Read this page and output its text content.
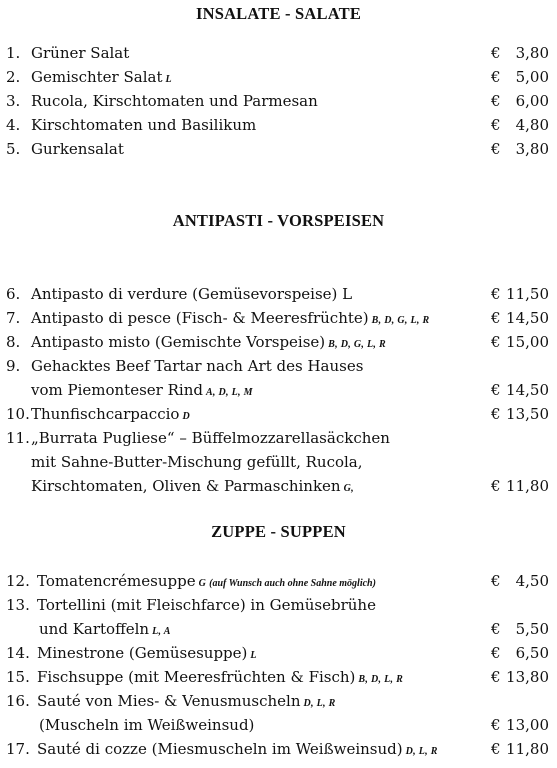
INSALATE - SALATE
1. Grüner Salat	€ 3,80
2. Gemischter Salat L	€ 5,00
3. Rucola, Kirschtomaten und Parmesan	€ 6,00
4. Kirschtomaten und Basilikum	€ 4,80
5. Gurkensalat	€ 3,80
ANTIPASTI - VORSPEISEN
6. Antipasto di verdure (Gemüsevorspeise) L	€ 11,50
7. Antipasto di pesce (Fisch- & Meeresfrüchte) B, D, G, L, R	€ 14,50
8. Antipasto misto (Gemischte Vorspeise) B, D, G, L, R	€ 15,00
9. Gehacktes Beef Tartar nach Art des Hauses
vom Piemonteser Rind A, D, L, M	€ 14,50
10. Thunfischcarpaccio D	€ 13,50
11. „Burrata Pugliese“ – Büffelmozzarellasäckchen
mit Sahne-Butter-Mischung gefüllt, Rucola,
Kirschtomaten, Oliven & Parmaschinken G,	€ 11,80
ZUPPE - SUPPEN
12. Tomatencrémesuppe G (auf Wunsch auch ohne Sahne möglich)	€ 4,50
13. Tortellini (mit Fleischfarce) in Gemüsebrühe
und Kartoffeln L, A	€ 5,50
14. Minestrone (Gemüsesuppe) L	€ 6,50
15. Fischsuppe (mit Meeresfrüchten & Fisch) B, D, L, R	€ 13,80
16. Sauté von Mies- & Venusmuscheln D, L, R
(Muscheln im Weißweinsud)	€ 13,00
17. Sauté di cozze (Miesmuscheln im Weißweinsud) D, L, R	€ 11,80
